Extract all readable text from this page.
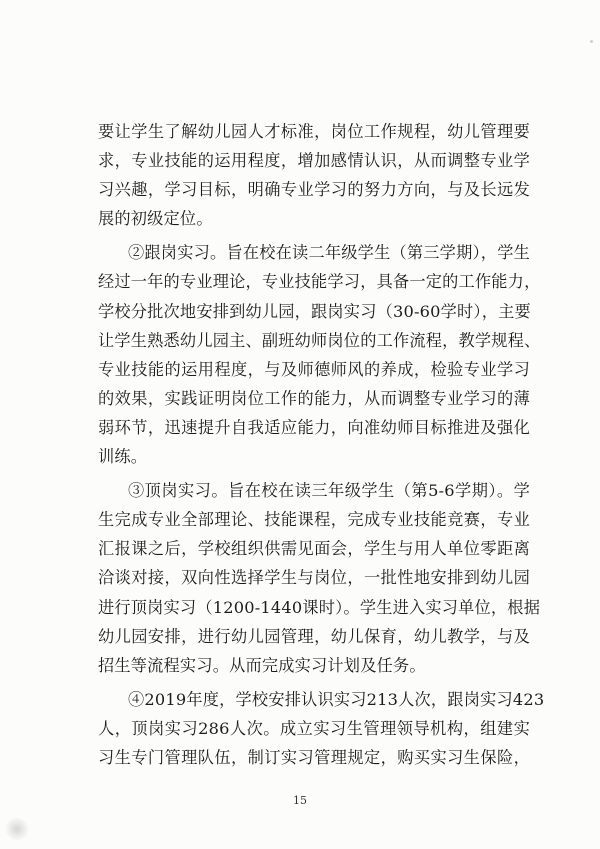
要让学生了解幼儿园人才标准，岗位工作规程，幼儿管理要
求，专业技能的运用程度，增加感情认识，从而调整专业学
习兴趣，学习目标，明确专业学习的努力方向，与及长远发
展的初级定位。
②跟岗实习。旨在校在读二年级学生（第三学期），学生
经过一年的专业理论，专业技能学习，具备一定的工作能力，
学校分批次地安排到幼儿园，跟岗实习（30-60学时），主要
让学生熟悉幼儿园主、副班幼师岗位的工作流程，教学规程、
专业技能的运用程度，与及师德师风的养成，检验专业学习
的效果，实践证明岗位工作的能力，从而调整专业学习的薄
弱环节，迅速提升自我适应能力，向准幼师目标推进及强化
训练。
③顶岗实习。旨在校在读三年级学生（第5-6学期）。学
生完成专业全部理论、技能课程，完成专业技能竞赛，专业
汇报课之后，学校组织供需见面会，学生与用人单位零距离
洽谈对接，双向性选择学生与岗位，一批性地安排到幼儿园
进行顶岗实习（1200-1440课时）。学生进入实习单位，根据
幼儿园安排，进行幼儿园管理，幼儿保育，幼儿教学，与及
招生等流程实习。从而完成实习计划及任务。
④2019年度，学校安排认识实习213人次，跟岗实习423
人，顶岗实习286人次。成立实习生管理领导机构，组建实
习生专门管理队伍，制订实习管理规定，购买实习生保险，
15
